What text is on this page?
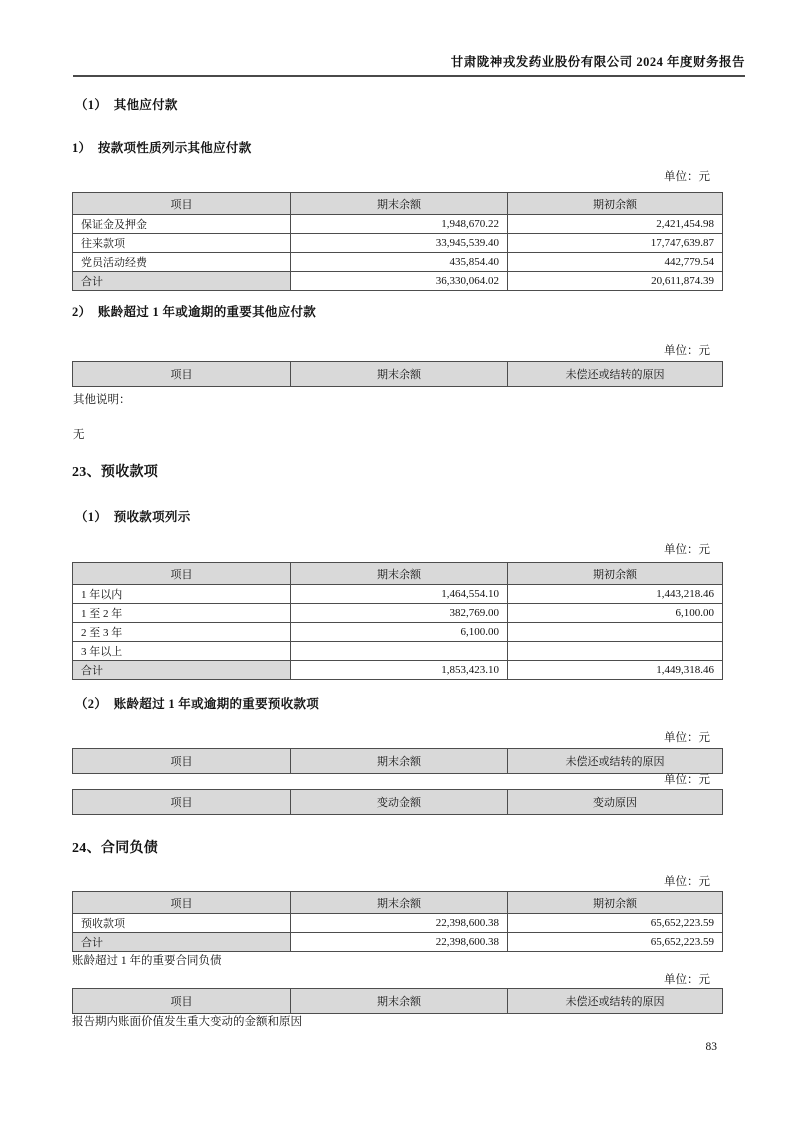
甘肃陇神戎发药业股份有限公司 2024 年度财务报告
（1）　其他应付款
1）　按款项性质列示其他应付款
单位：元
项目	期末余额	期初余额
保证金及押金	1,948,670.22	2,421,454.98
往来款项	33,945,539.40	17,747,639.87
党员活动经费	435,854.40	442,779.54
合计	36,330,064.02	20,611,874.39
2）　账龄超过 1 年或逾期的重要其他应付款
单位：元
项目	期末余额	未偿还或结转的原因
其他说明：
无
23、预收款项
（1）　预收款项列示
单位：元
项目	期末余额	期初余额
1 年以内	1,464,554.10	1,443,218.46
1 至 2 年	382,769.00	6,100.00
2 至 3 年	6,100.00	
3 年以上		
合计	1,853,423.10	1,449,318.46
（2）　账龄超过 1 年或逾期的重要预收款项
单位：元
项目	期末余额	未偿还或结转的原因
单位：元
项目	变动金额	变动原因
24、合同负债
单位：元
项目	期末余额	期初余额
预收款项	22,398,600.38	65,652,223.59
合计	22,398,600.38	65,652,223.59
账龄超过 1 年的重要合同负债
单位：元
项目	期末余额	未偿还或结转的原因
报告期内账面价值发生重大变动的金额和原因
83
